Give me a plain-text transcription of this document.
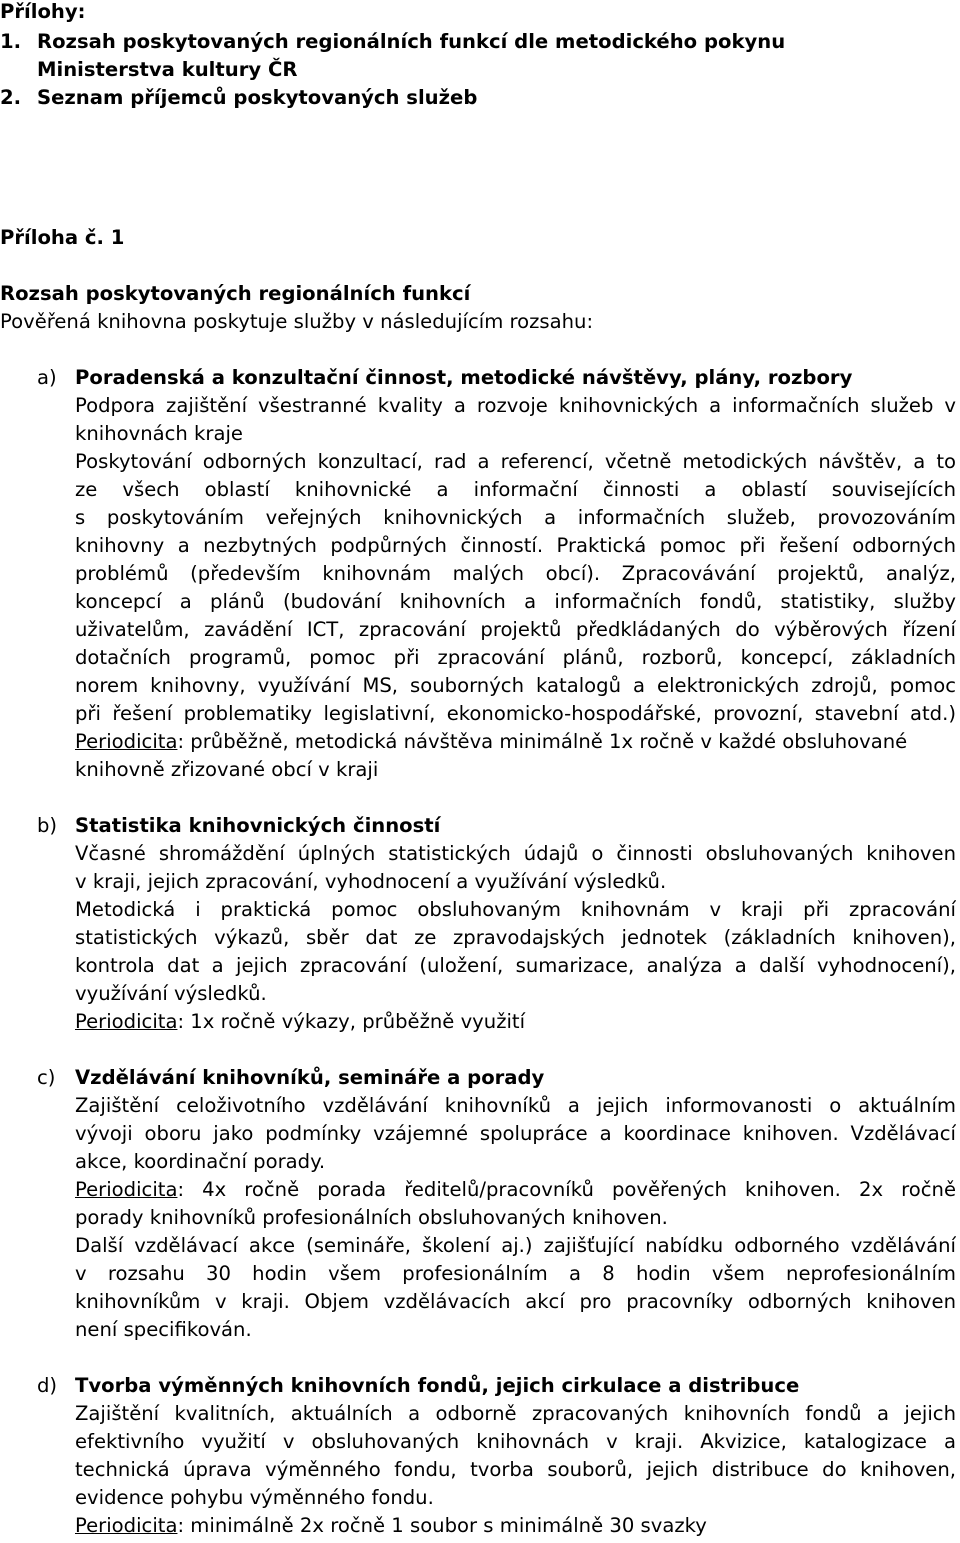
Přílohy:
1. Rozsah poskytovaných regionálních funkcí dle metodického pokynu
Ministerstva kultury ČR
2. Seznam příjemců poskytovaných služeb
Příloha č. 1
Rozsah poskytovaných regionálních funkcí
Pověřená knihovna poskytuje služby v následujícím rozsahu:
a) Poradenská a konzultační činnost, metodické návštěvy, plány, rozbory
Podpora zajištění všestranné kvality a rozvoje knihovnických a informačních služeb v
knihovnách kraje
Poskytování odborných konzultací, rad a referencí, včetně metodických návštěv, a to
ze všech oblastí knihovnické a informační činnosti a oblastí souvisejících
s poskytováním veřejných knihovnických a informačních služeb, provozováním
knihovny a nezbytných podpůrných činností. Praktická pomoc při řešení odborných
problémů (především knihovnám malých obcí). Zpracovávání projektů, analýz,
koncepcí a plánů (budování knihovních a informačních fondů, statistiky, služby
uživatelům, zavádění ICT, zpracování projektů předkládaných do výběrových řízení
dotačních programů, pomoc při zpracování plánů, rozborů, koncepcí, základních
norem knihovny, využívání MS, souborných katalogů a elektronických zdrojů, pomoc
při řešení problematiky legislativní, ekonomicko-hospodářské, provozní, stavební atd.)
Periodicita: průběžně, metodická návštěva minimálně 1x ročně v každé obsluhované
knihovně zřizované obcí v kraji
b) Statistika knihovnických činností
Včasné shromáždění úplných statistických údajů o činnosti obsluhovaných knihoven
v kraji, jejich zpracování, vyhodnocení a využívání výsledků.
Metodická i praktická pomoc obsluhovaným knihovnám v kraji při zpracování
statistických výkazů, sběr dat ze zpravodajských jednotek (základních knihoven),
kontrola dat a jejich zpracování (uložení, sumarizace, analýza a další vyhodnocení),
využívání výsledků.
Periodicita: 1x ročně výkazy, průběžně využití
c) Vzdělávání knihovníků, semináře a porady
Zajištění celoživotního vzdělávání knihovníků a jejich informovanosti o aktuálním
vývoji oboru jako podmínky vzájemné spolupráce a koordinace knihoven. Vzdělávací
akce, koordinační porady.
Periodicita: 4x ročně porada ředitelů/pracovníků pověřených knihoven. 2x ročně
porady knihovníků profesionálních obsluhovaných knihoven.
Další vzdělávací akce (semináře, školení aj.) zajišťující nabídku odborného vzdělávání
v rozsahu 30 hodin všem profesionálním a 8 hodin všem neprofesionálním
knihovníkům v kraji. Objem vzdělávacích akcí pro pracovníky odborných knihoven
není specifikován.
d) Tvorba výměnných knihovních fondů, jejich cirkulace a distribuce
Zajištění kvalitních, aktuálních a odborně zpracovaných knihovních fondů a jejich
efektivního využití v obsluhovaných knihovnách v kraji. Akvizice, katalogizace a
technická úprava výměnného fondu, tvorba souborů, jejich distribuce do knihoven,
evidence pohybu výměnného fondu.
Periodicita: minimálně 2x ročně 1 soubor s minimálně 30 svazky
